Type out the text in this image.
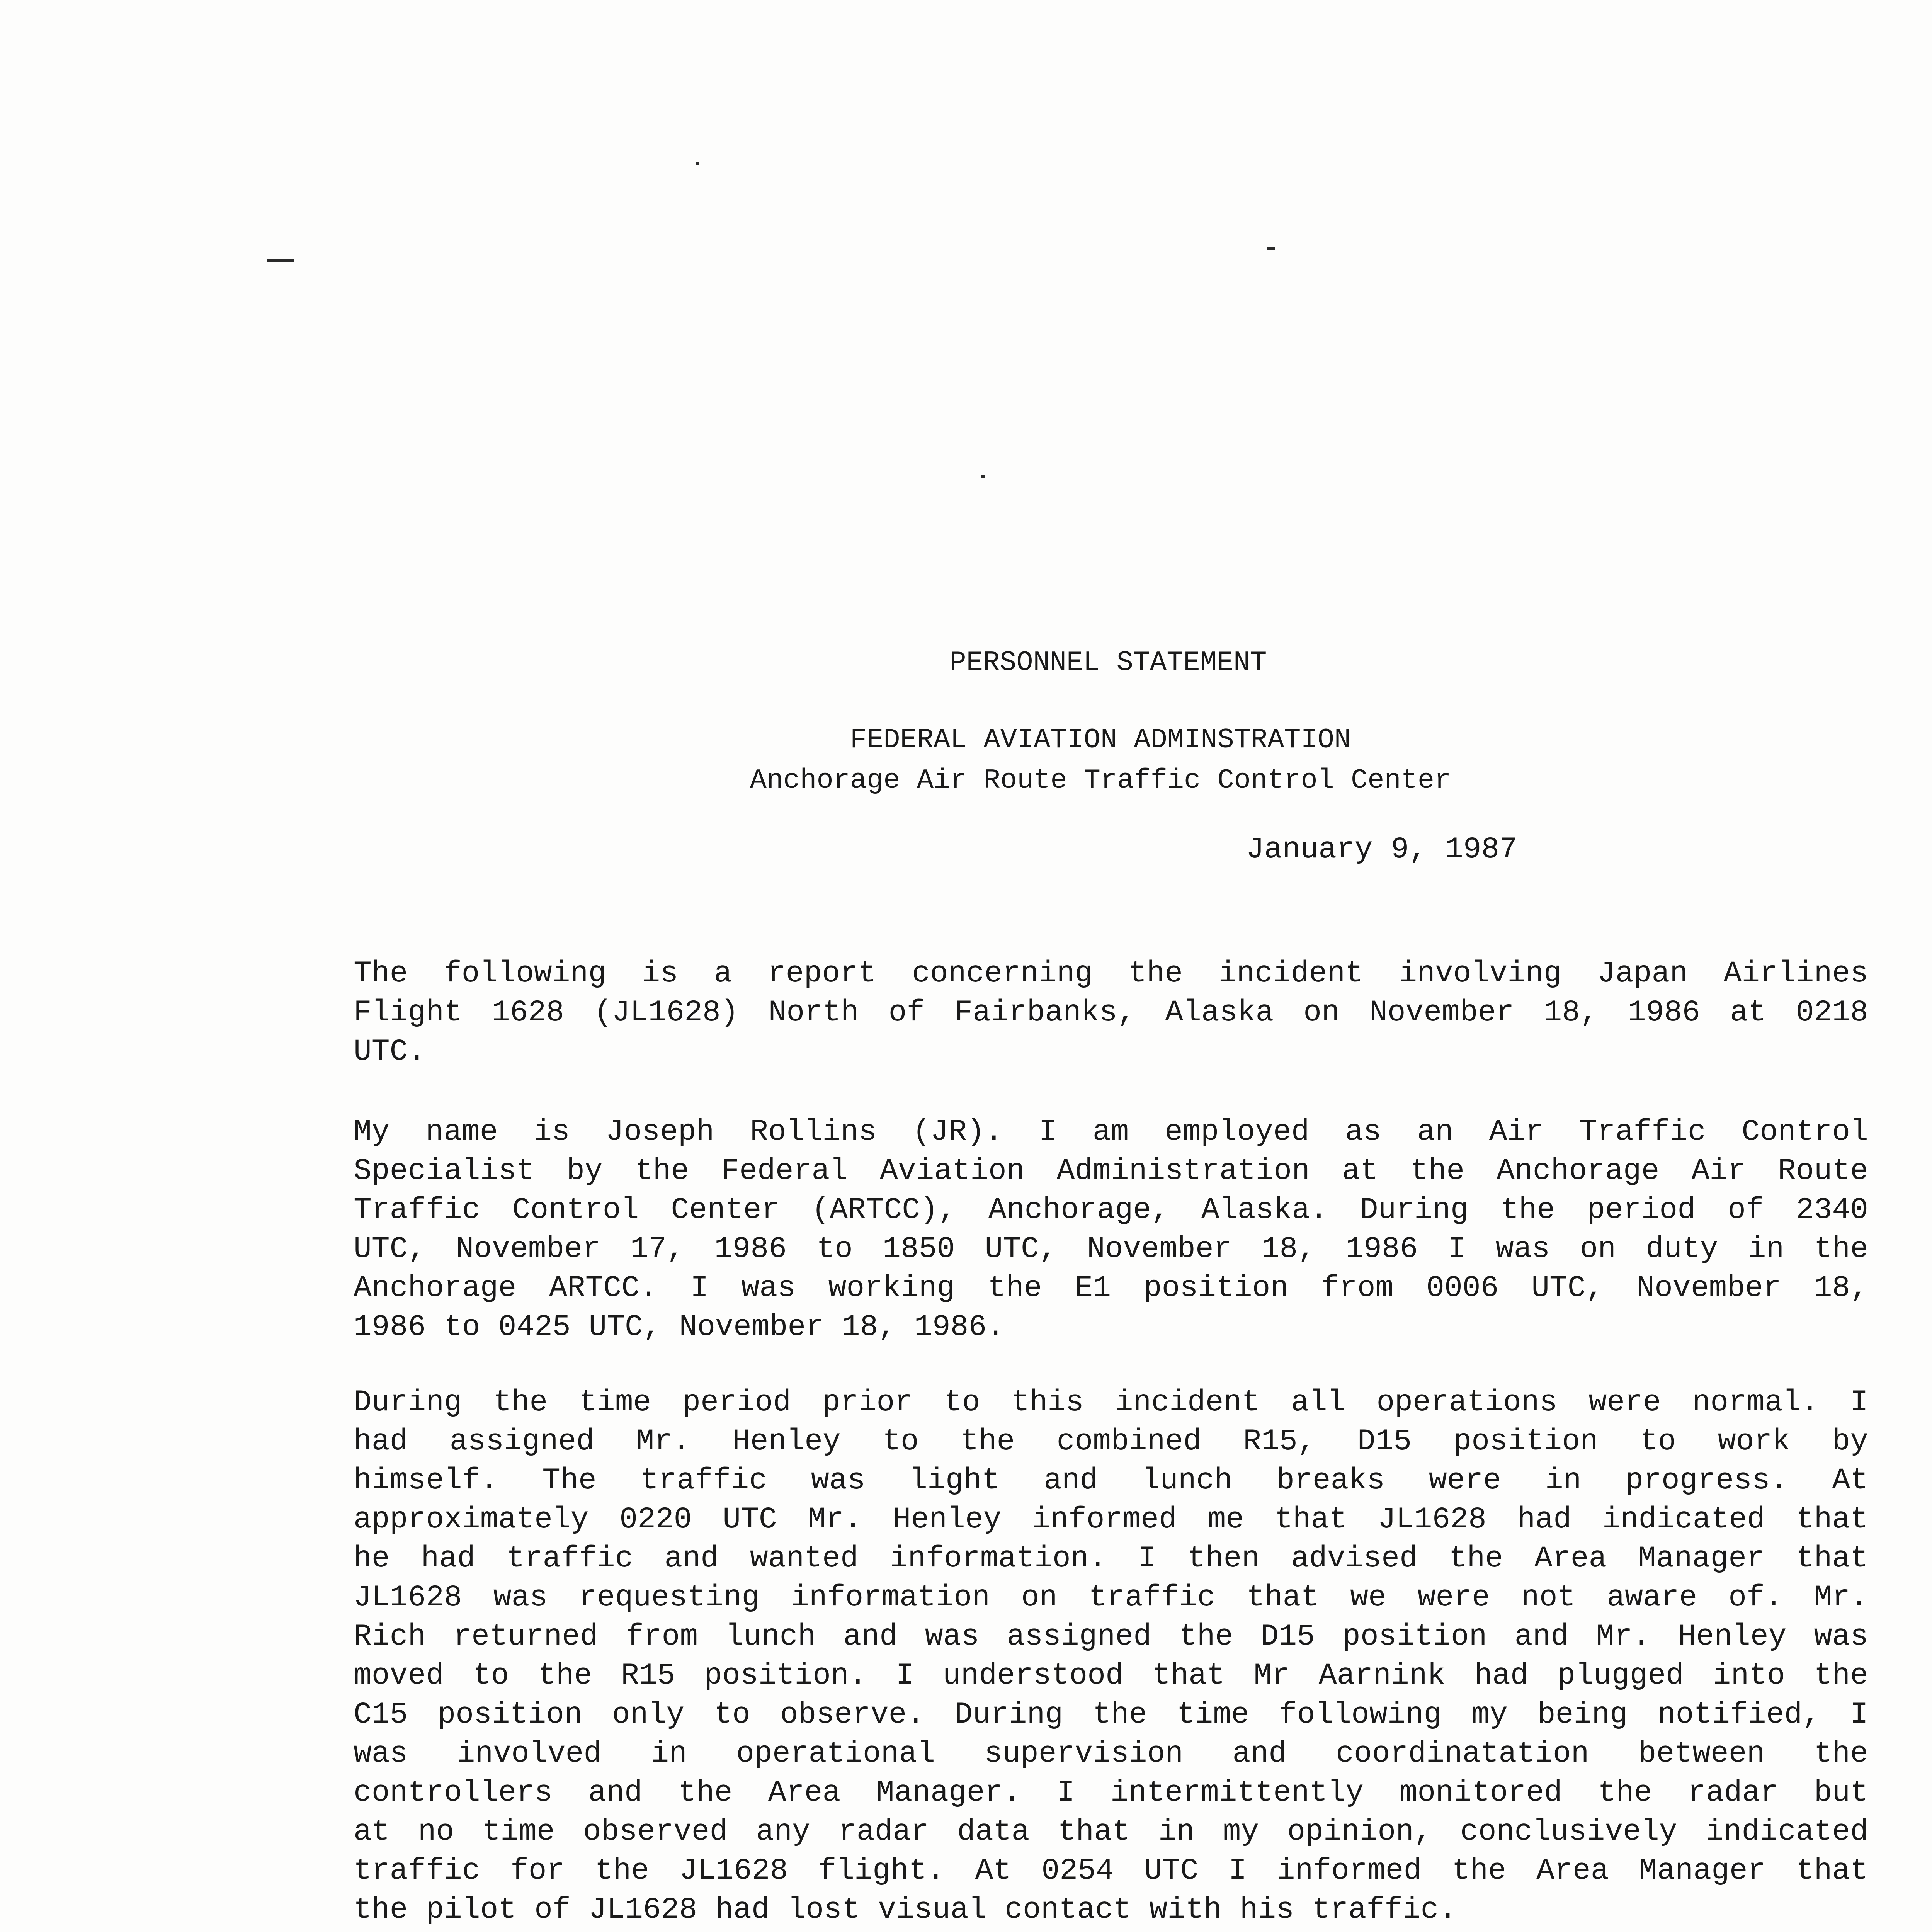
PERSONNEL STATEMENT
FEDERAL AVIATION ADMINSTRATION
Anchorage Air Route Traffic Control Center
January 9, 1987
The following is a report concerning the incident involving Japan Airlines
Flight 1628 (JL1628) North of Fairbanks, Alaska on November 18, 1986 at 0218
UTC.
My name is Joseph Rollins (JR). I am employed as an Air Traffic Control
Specialist by the Federal Aviation Administration at the Anchorage Air Route
Traffic Control Center (ARTCC), Anchorage, Alaska. During the period of 2340
UTC, November 17, 1986 to 1850 UTC, November 18, 1986 I was on duty in the
Anchorage ARTCC. I was working the E1 position from 0006 UTC, November 18,
1986 to 0425 UTC, November 18, 1986.
During the time period prior to this incident all operations were normal. I
had assigned Mr. Henley to the combined R15, D15 position to work by
himself. The traffic was light and lunch breaks were in progress. At
approximately 0220 UTC Mr. Henley informed me that JL1628 had indicated that
he had traffic and wanted information. I then advised the Area Manager that
JL1628 was requesting information on traffic that we were not aware of. Mr.
Rich returned from lunch and was assigned the D15 position and Mr. Henley was
moved to the R15 position. I understood that Mr Aarnink had plugged into the
C15 position only to observe. During the time following my being notified, I
was involved in operational supervision and coordinatation between the
controllers and the Area Manager. I intermittently monitored the radar but
at no time observed any radar data that in my opinion, conclusively indicated
traffic for the JL1628 flight. At 0254 UTC I informed the Area Manager that
the pilot of JL1628 had lost visual contact with his traffic.
